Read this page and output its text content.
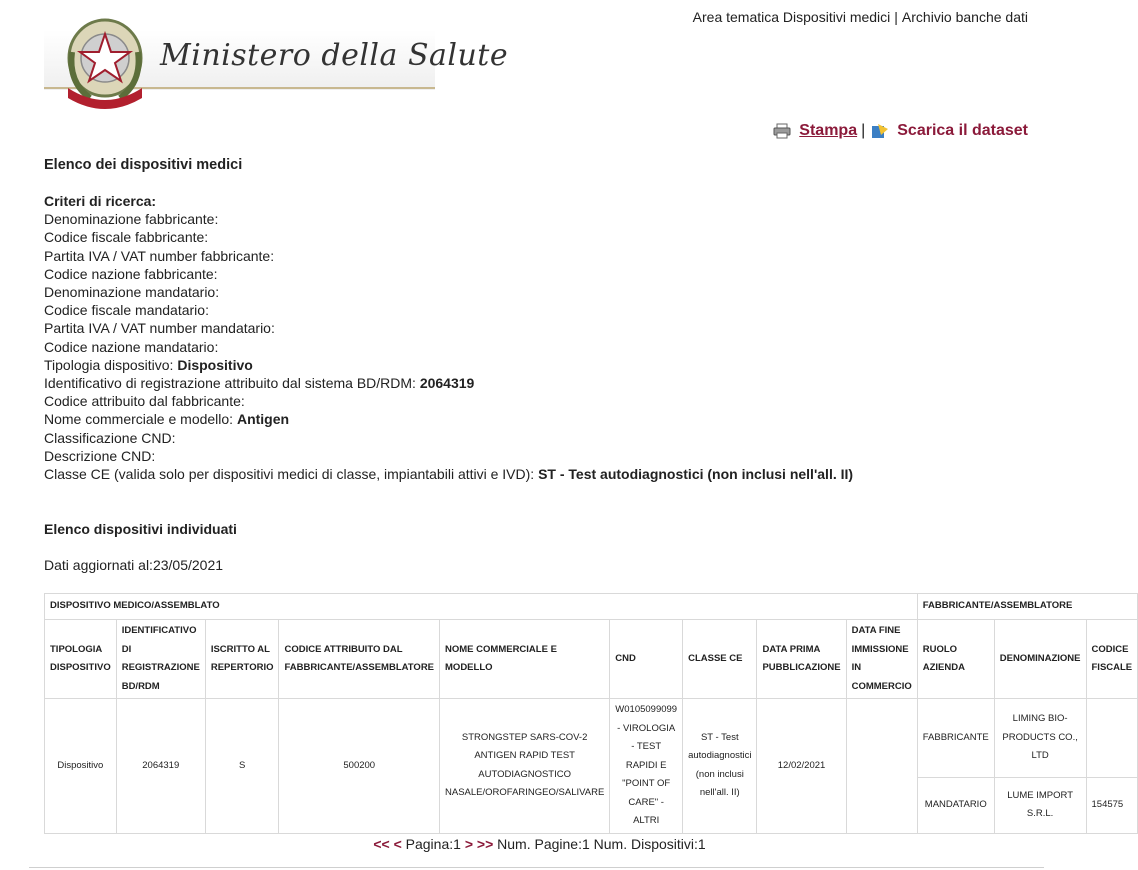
Area tematica Dispositivi medici | Archivio banche dati
Ministero della Salute
Stampa | Scarica il dataset
Elenco dei dispositivi medici
Criteri di ricerca:
Denominazione fabbricante:
Codice fiscale fabbricante:
Partita IVA / VAT number fabbricante:
Codice nazione fabbricante:
Denominazione mandatario:
Codice fiscale mandatario:
Partita IVA / VAT number mandatario:
Codice nazione mandatario:
Tipologia dispositivo: Dispositivo
Identificativo di registrazione attribuito dal sistema BD/RDM: 2064319
Codice attribuito dal fabbricante:
Nome commerciale e modello: Antigen
Classificazione CND:
Descrizione CND:
Classe CE (valida solo per dispositivi medici di classe, impiantabili attivi e IVD): ST - Test autodiagnostici (non inclusi nell'all. II)
Elenco dispositivi individuati
Dati aggiornati al:23/05/2021
DISPOSITIVO MEDICO/ASSEMBLATO									FABBRICANTE/ASSEMBLATORE		
TIPOLOGIA DISPOSITIVO	IDENTIFICATIVO DI REGISTRAZIONE BD/RDM	ISCRITTO AL REPERTORIO	CODICE ATTRIBUITO DAL FABBRICANTE/ASSEMBLATORE	NOME COMMERCIALE E MODELLO	CND	CLASSE CE	DATA PRIMA PUBBLICAZIONE	DATA FINE IMMISSIONE IN COMMERCIO	RUOLO AZIENDA	DENOMINAZIONE	CODICE FISCALE
Dispositivo	2064319	S	500200	STRONGSTEP SARS-COV-2 ANTIGEN RAPID TEST AUTODIAGNOSTICO NASALE/OROFARINGEO/SALIVARE	W0105099099 - VIROLOGIA - TEST RAPIDI E "POINT OF CARE" - ALTRI	ST - Test autodiagnostici (non inclusi nell'all. II)	12/02/2021		FABBRICANTE	LIMING BIO-PRODUCTS CO., LTD	
									MANDATARIO	LUME IMPORT S.R.L.	154575
<< < Pagina:1 > >> Num. Pagine:1 Num. Dispositivi:1
